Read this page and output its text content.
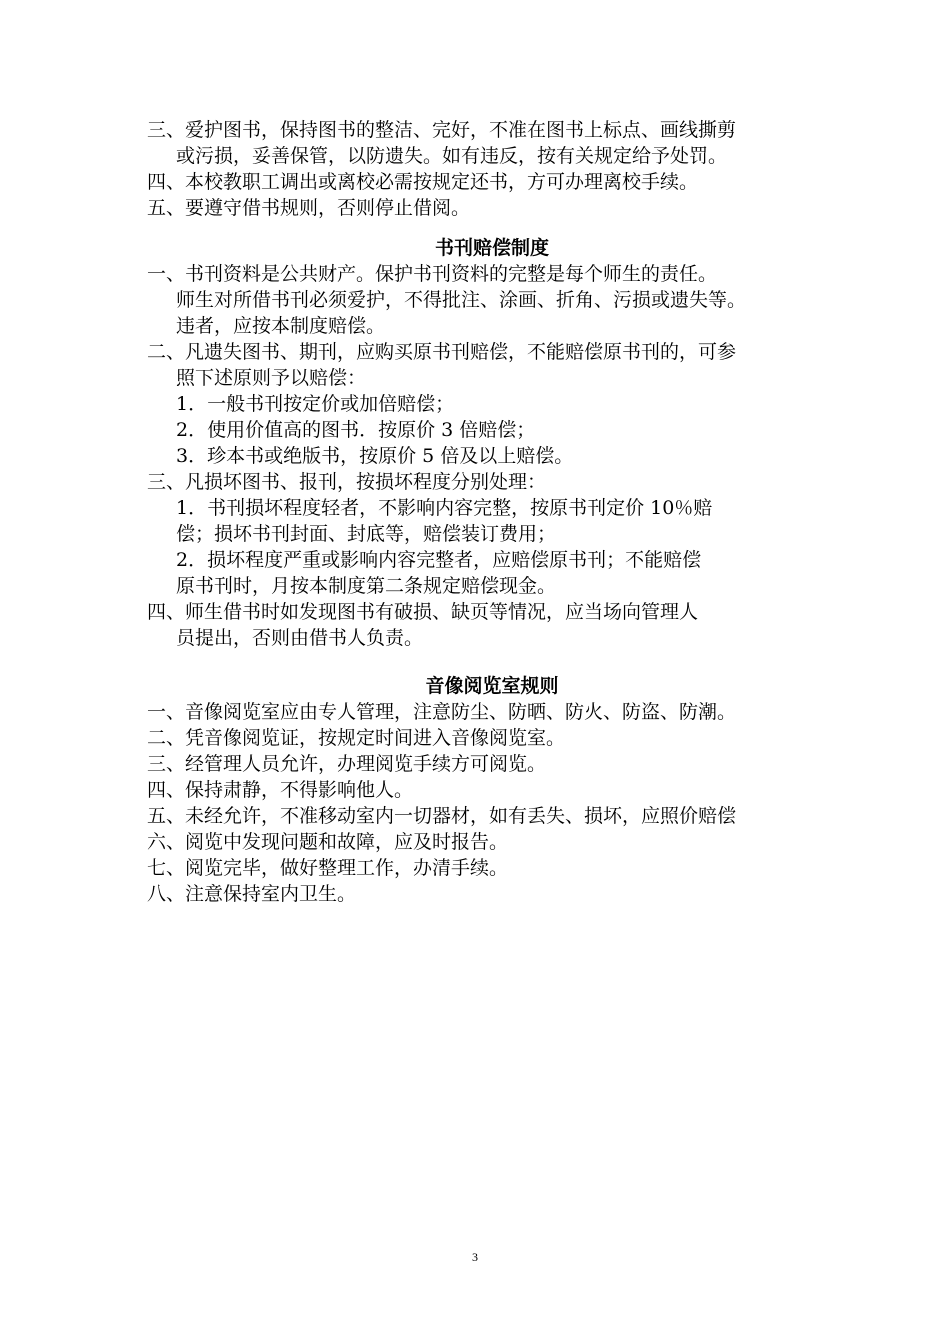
三、爱护图书，保持图书的整洁、完好，不准在图书上标点、画线撕剪
或污损，妥善保管，以防遗失。如有违反，按有关规定给予处罚。
四、本校教职工调出或离校必需按规定还书，方可办理离校手续。
五、要遵守借书规则，否则停止借阅。
书刊赔偿制度
一、书刊资料是公共财产。保护书刊资料的完整是每个师生的责任。
师生对所借书刊必须爱护，不得批注、涂画、折角、污损或遗失等。
违者，应按本制度赔偿。
二、凡遗失图书、期刊，应购买原书刊赔偿，不能赔偿原书刊的，可参
照下述原则予以赔偿：
1．一般书刊按定价或加倍赔偿；
2．使用价值高的图书．按原价 3 倍赔偿；
3．珍本书或绝版书，按原价 5 倍及以上赔偿。
三、凡损坏图书、报刊，按损坏程度分别处理：
1．书刊损坏程度轻者，不影响内容完整，按原书刊定价 10％赔
偿；损坏书刊封面、封底等，赔偿装订费用；
2．损坏程度严重或影响内容完整者，应赔偿原书刊；不能赔偿
原书刊时，月按本制度第二条规定赔偿现金。
四、师生借书时如发现图书有破损、缺页等情况，应当场向管理人
员提出，否则由借书人负责。
音像阅览室规则
一、音像阅览室应由专人管理，注意防尘、防晒、防火、防盗、防潮。
二、凭音像阅览证，按规定时间进入音像阅览室。
三、经管理人员允许，办理阅览手续方可阅览。
四、保持肃静，不得影响他人。
五、未经允许，不准移动室内一切器材，如有丢失、损坏，应照价赔偿
六、阅览中发现问题和故障，应及时报告。
七、阅览完毕，做好整理工作，办清手续。
八、注意保持室内卫生。
3
